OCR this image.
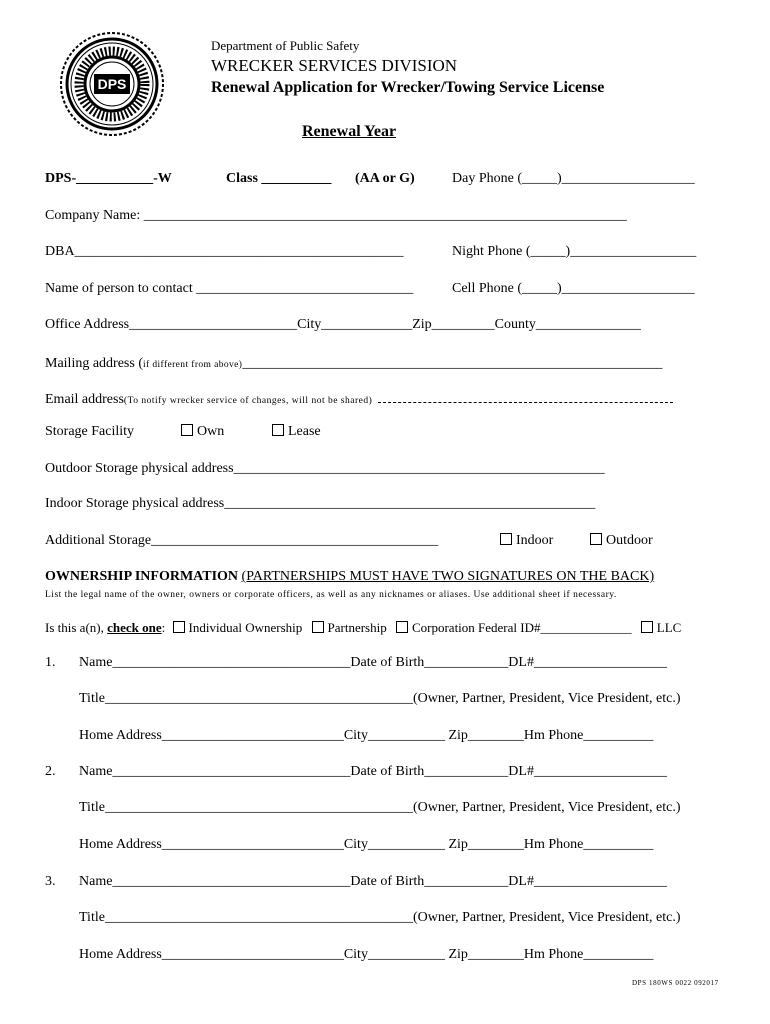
DPS
Department of Public Safety
WRECKER SERVICES DIVISION
Renewal Application for Wrecker/Towing Service License
Renewal Year
DPS-___________-W	Class __________ (AA or G)	Day Phone (_____)___________________
Company Name: _____________________________________________________________________
DBA_______________________________________________	Night Phone (_____)__________________
Name of person to contact _______________________________	Cell Phone (_____)___________________
Office Address________________________City_____________Zip_________County_______________
Mailing address (if different from above)____________________________________________________________
Email address(To notify wrecker service of changes, will not be shared)
Storage Facility	Own	Lease
Outdoor Storage physical address_____________________________________________________
Indoor Storage physical address_____________________________________________________
Additional Storage_________________________________________	Indoor	Outdoor
OWNERSHIP INFORMATION (PARTNERSHIPS MUST HAVE TWO SIGNATURES ON THE BACK)
List the legal name of the owner, owners or corporate officers, as well as any nicknames or aliases. Use additional sheet if necessary.
Is this a(n), check one: Individual Ownership Partnership Corporation Federal ID#______________ LLC
1. Name__________________________________Date of Birth____________DL#___________________
Title____________________________________________(Owner, Partner, President, Vice President, etc.)
Home Address__________________________City___________ Zip________Hm Phone__________
2. Name__________________________________Date of Birth____________DL#___________________
Title____________________________________________(Owner, Partner, President, Vice President, etc.)
Home Address__________________________City___________ Zip________Hm Phone__________
3. Name__________________________________Date of Birth____________DL#___________________
Title____________________________________________(Owner, Partner, President, Vice President, etc.)
Home Address__________________________City___________ Zip________Hm Phone__________
DPS 180WS 0022 092017
